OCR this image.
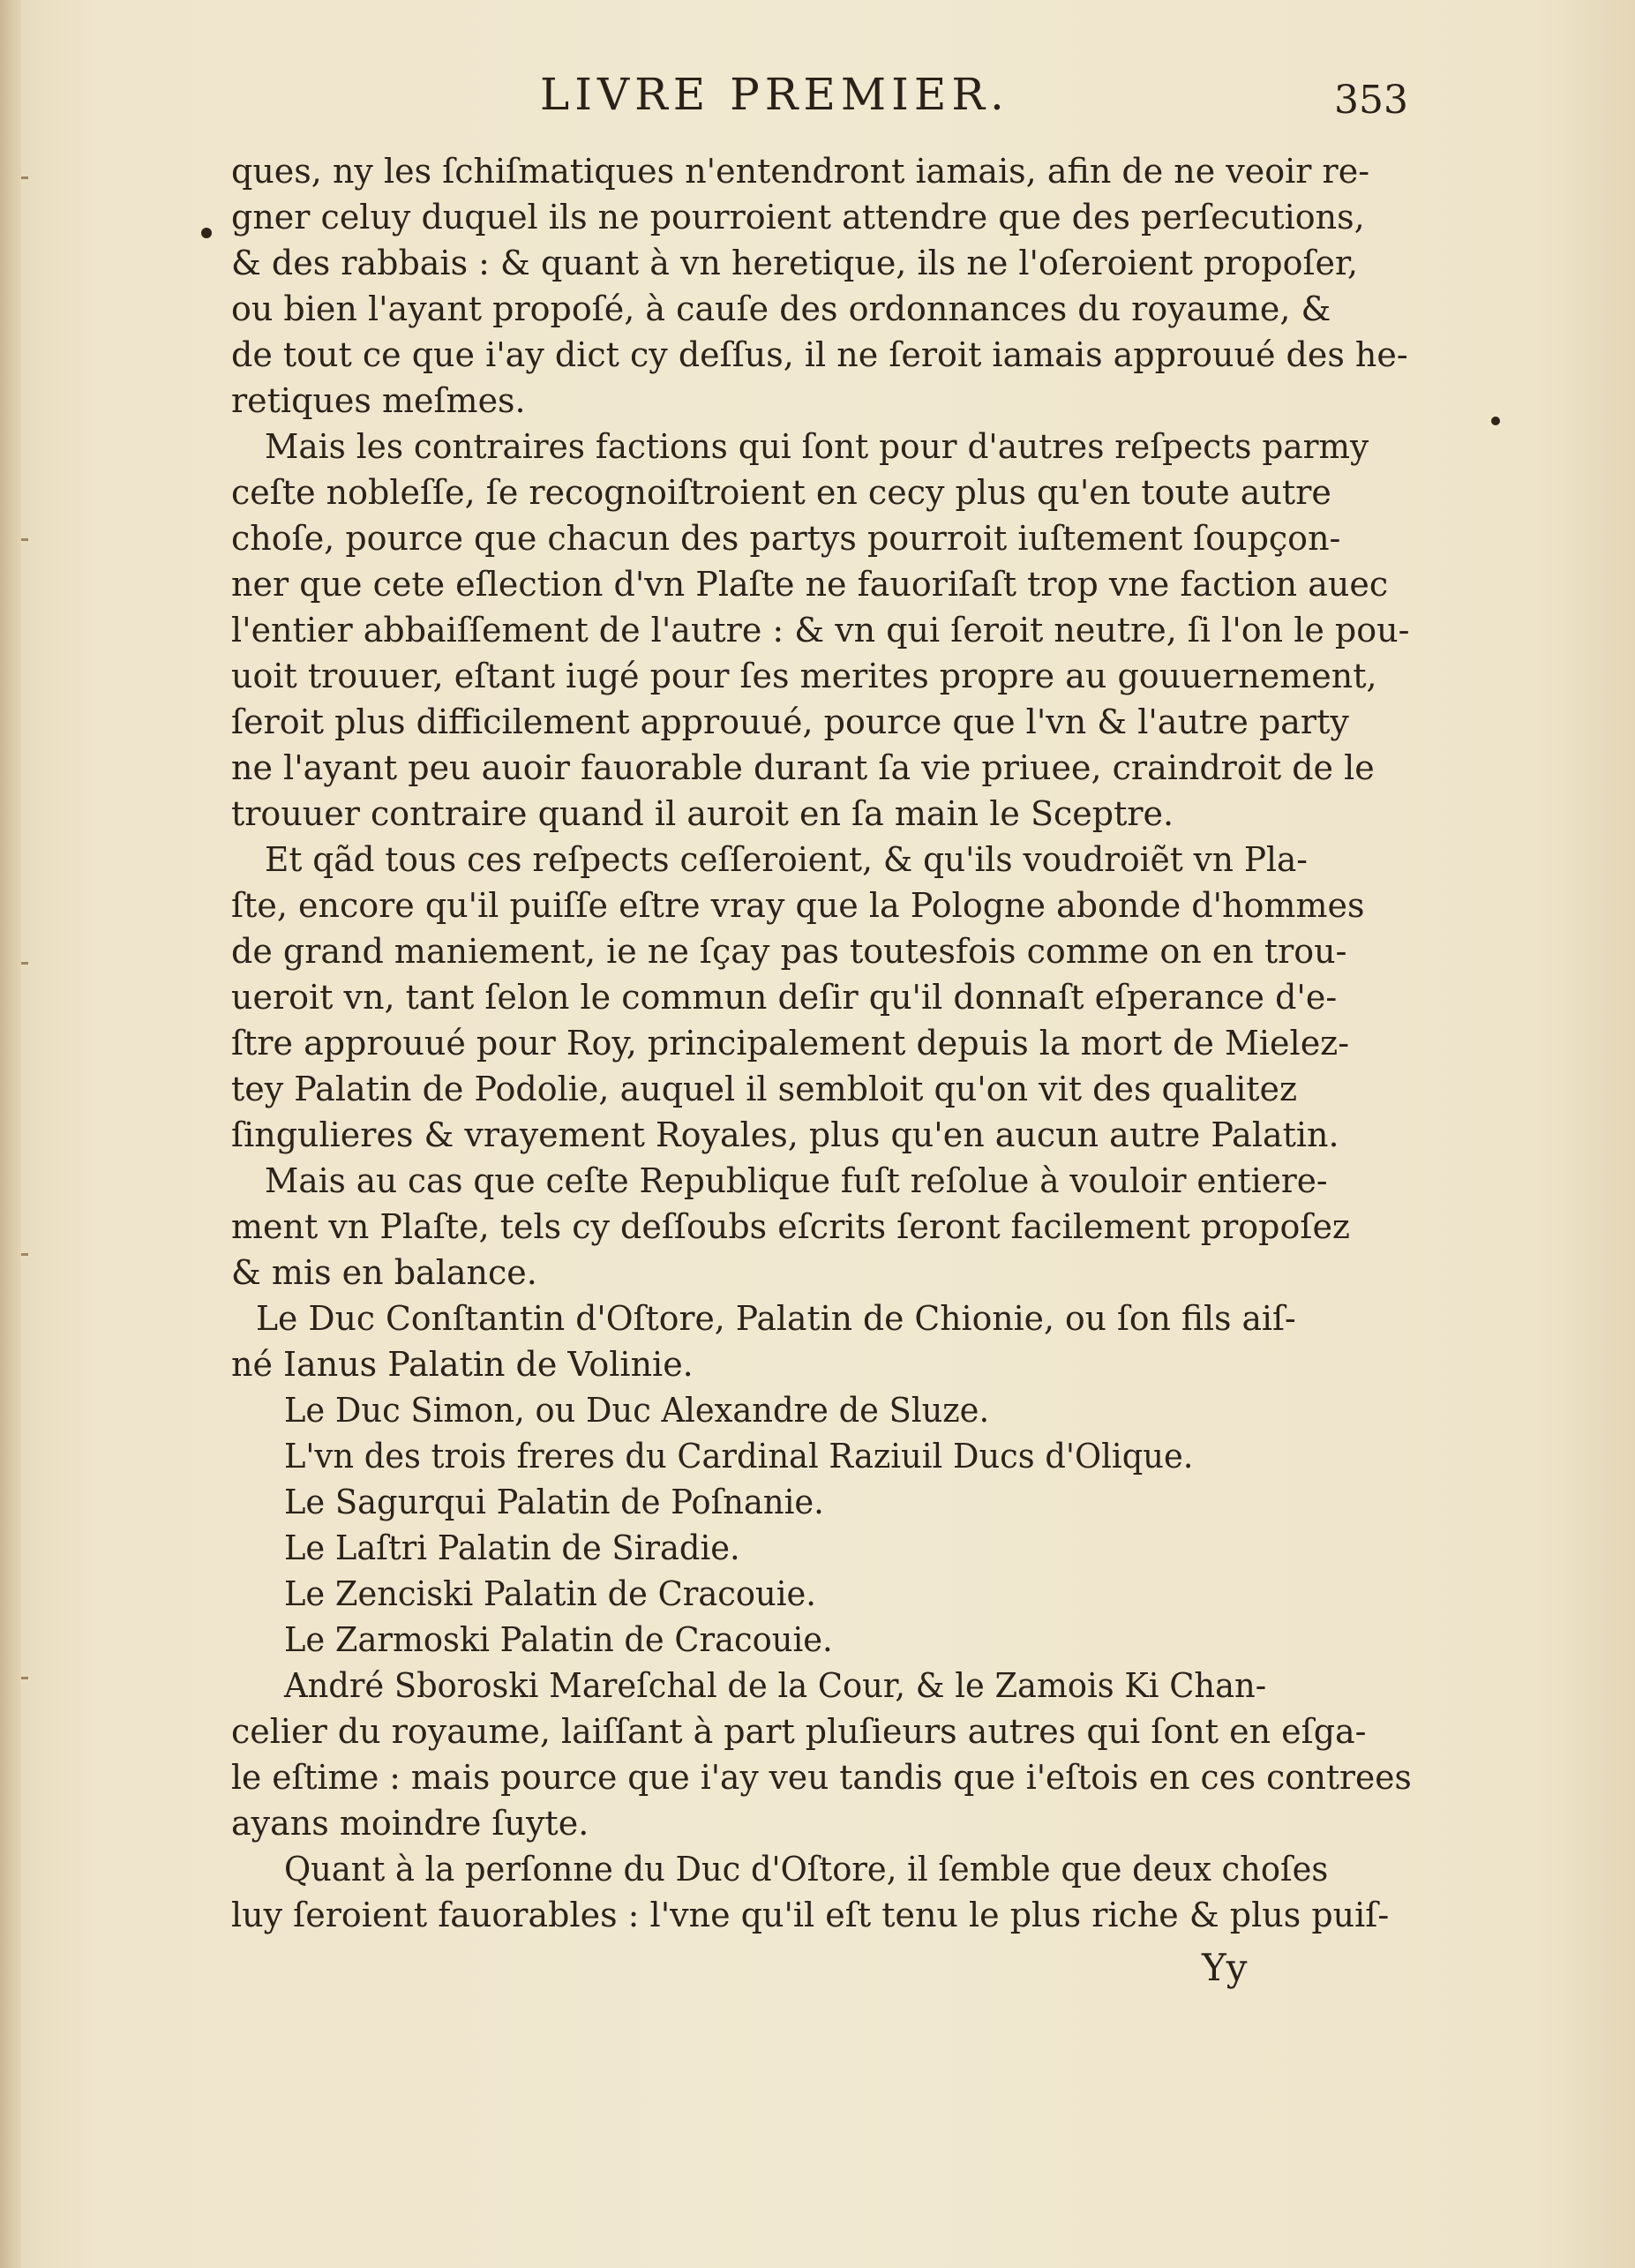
LIVRE PREMIER.	353
ques, ny les ſchiſmatiques n'entendront iamais, afin de ne veoir re-
gner celuy duquel ils ne pourroient attendre que des perſecutions,
& des rabbais : & quant à vn heretique, ils ne l'oſeroient propoſer,
ou bien l'ayant propoſé, à cauſe des ordonnances du royaume, &
de tout ce que i'ay dict cy deſſus, il ne ſeroit iamais approuué des he-
retiques meſmes.
Mais les contraires factions qui ſont pour d'autres reſpects parmy
ceſte nobleſſe, ſe recognoiſtroient en cecy plus qu'en toute autre
choſe, pource que chacun des partys pourroit iuſtement ſoupçon-
ner que cete eſlection d'vn Plaſte ne fauoriſaſt trop vne faction auec
l'entier abbaiſſement de l'autre : & vn qui ſeroit neutre, ſi l'on le pou-
uoit trouuer, eſtant iugé pour ſes merites propre au gouuernement,
ſeroit plus difficilement approuué, pource que l'vn & l'autre party
ne l'ayant peu auoir fauorable durant ſa vie priuee, craindroit de le
trouuer contraire quand il auroit en ſa main le Sceptre.
Et qãd tous ces reſpects ceſſeroient, & qu'ils voudroiẽt vn Pla-
ſte, encore qu'il puiſſe eſtre vray que la Pologne abonde d'hommes
de grand maniement, ie ne ſçay pas toutesfois comme on en trou-
ueroit vn, tant ſelon le commun deſir qu'il donnaſt eſperance d'e-
ſtre approuué pour Roy, principalement depuis la mort de Mielez-
tey Palatin de Podolie, auquel il sembloit qu'on vit des qualitez
ſingulieres & vrayement Royales, plus qu'en aucun autre Palatin.
Mais au cas que ceſte Republique fuſt reſolue à vouloir entiere-
ment vn Plaſte, tels cy deſſoubs eſcrits ſeront facilement propoſez
& mis en balance.
Le Duc Conſtantin d'Oſtore, Palatin de Chionie, ou ſon fils aiſ-
né Ianus Palatin de Volinie.
Le Duc Simon, ou Duc Alexandre de Sluze.
L'vn des trois freres du Cardinal Raziuil Ducs d'Olique.
Le Sagurqui Palatin de Poſnanie.
Le Laſtri Palatin de Siradie.
Le Zenciski Palatin de Cracouie.
Le Zarmoski Palatin de Cracouie.
André Sboroski Mareſchal de la Cour, & le Zamois Ki Chan-
celier du royaume, laiſſant à part pluſieurs autres qui ſont en eſga-
le eſtime : mais pource que i'ay veu tandis que i'eſtois en ces contrees
ayans moindre ſuyte.
Quant à la perſonne du Duc d'Oſtore, il ſemble que deux choſes
luy ſeroient fauorables : l'vne qu'il eſt tenu le plus riche & plus puiſ-
Yy
